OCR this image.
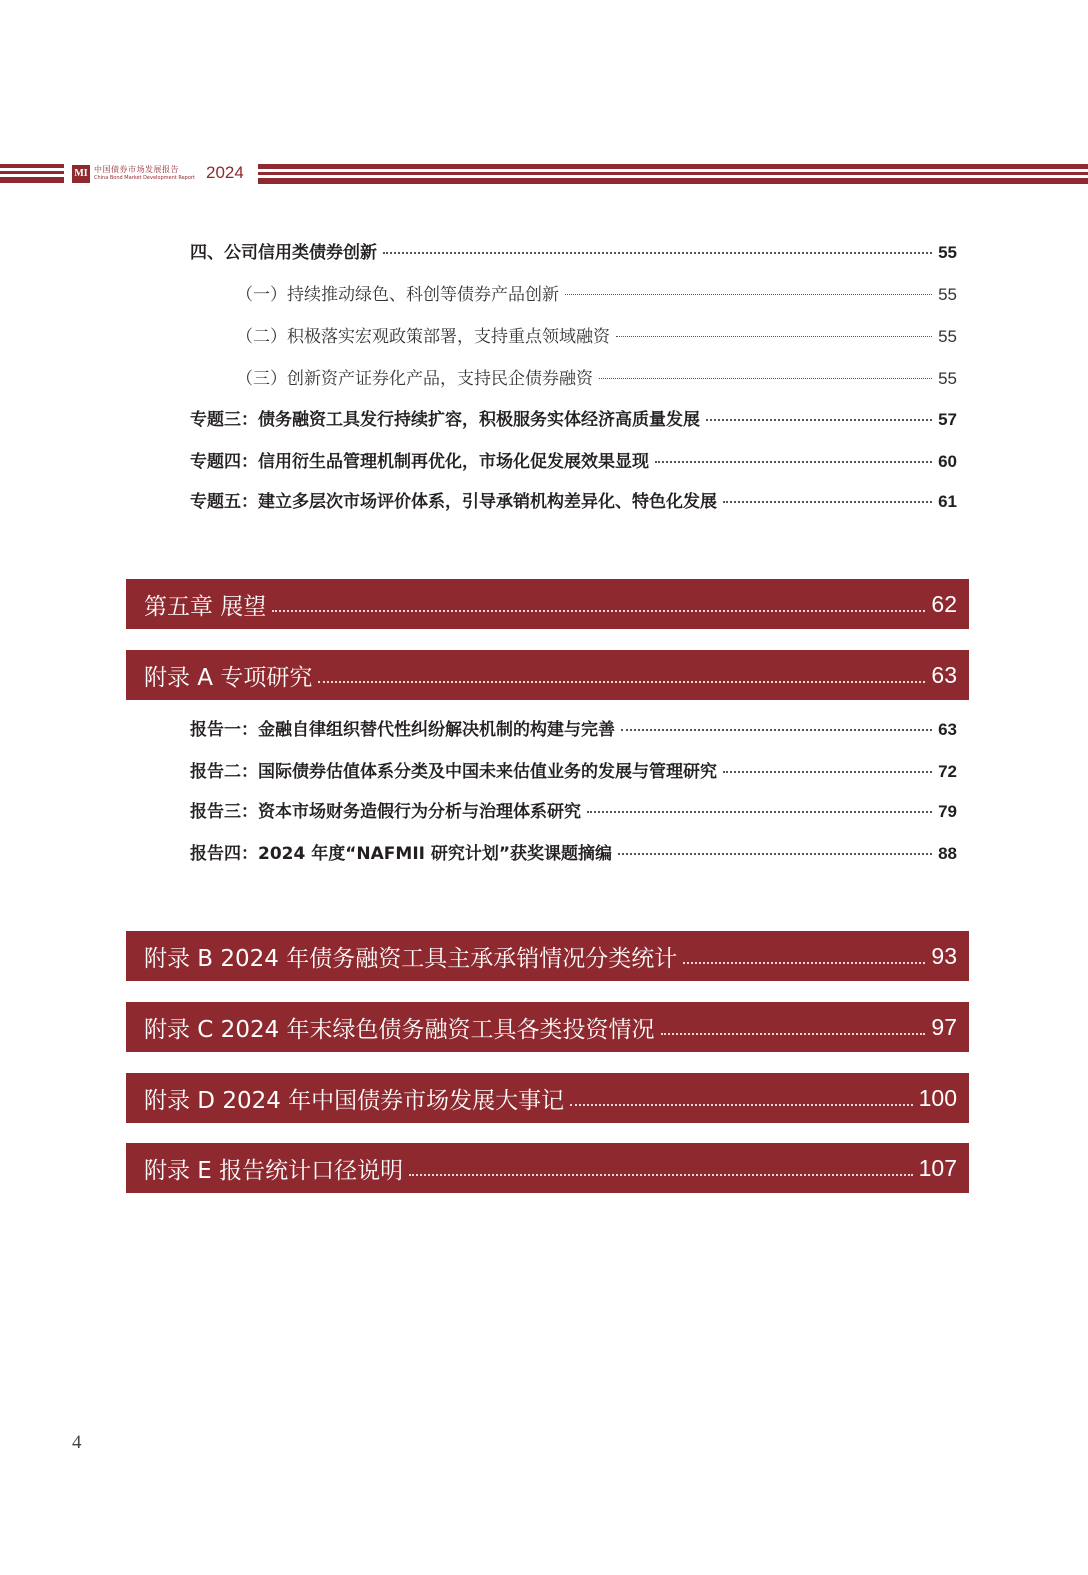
MI 中国债券市场发展报告
China Bond Market Development Report 2024
四、公司信用类债券创新	55
（一）持续推动绿色、科创等债券产品创新	55
（二）积极落实宏观政策部署，支持重点领域融资	55
（三）创新资产证券化产品，支持民企债券融资	55
专题三：债务融资工具发行持续扩容，积极服务实体经济高质量发展	57
专题四：信用衍生品管理机制再优化，市场化促发展效果显现	60
专题五：建立多层次市场评价体系，引导承销机构差异化、特色化发展	61
第五章 展望	62
附录 A 专项研究	63
报告一：金融自律组织替代性纠纷解决机制的构建与完善	63
报告二：国际债券估值体系分类及中国未来估值业务的发展与管理研究	72
报告三：资本市场财务造假行为分析与治理体系研究	79
报告四：2024 年度“NAFMII 研究计划”获奖课题摘编	88
附录 B 2024 年债务融资工具主承承销情况分类统计	93
附录 C 2024 年末绿色债务融资工具各类投资情况	97
附录 D 2024 年中国债券市场发展大事记	100
附录 E 报告统计口径说明	107
4
